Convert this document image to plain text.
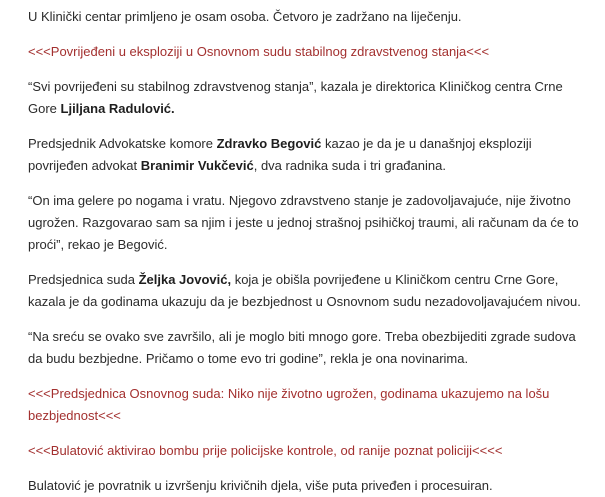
U Klinički centar primljeno je osam osoba. Četvoro je zadržano na liječenju.

<<<Povrijeđeni u eksploziji u Osnovnom sudu stabilnog zdravstvenog stanja<<<

“Svi povrijeđeni su stabilnog zdravstvenog stanja”, kazala je direktorica Kliničkog centra Crne Gore Ljiljana Radulović.

Predsjednik Advokatske komore Zdravko Begović kazao je da je u današnjoj eksploziji povrijeđen advokat Branimir Vukčević, dva radnika suda i tri građanina.

“On ima gelere po nogama i vratu. Njegovo zdravstveno stanje je zadovoljavajuće, nije životno ugrožen. Razgovarao sam sa njim i jeste u jednoj strašnoj psihičkoj traumi, ali računam da će to proći”, rekao je Begović.

Predsjednica suda Željka Jovović, koja je obišla povrijeđene u Kliničkom centru Crne Gore, kazala je da godinama ukazuju da je bezbjednost u Osnovnom sudu nezadovoljavajućem nivou.

“Na sreću se ovako sve završilo, ali je moglo biti mnogo gore. Treba obezbijediti zgrade sudova da budu bezbjedne. Pričamo o tome evo tri godine”, rekla je ona novinarima.

<<<Predsjednica Osnovnog suda: Niko nije životno ugrožen, godinama ukazujemo na lošu bezbjednost<<<

<<<Bulatović aktivirao bombu prije policijske kontrole, od ranije poznat policiji<<<<

Bulatović je povratnik u izvršenju krivičnih djela, više puta priveđen i procesuiran.
